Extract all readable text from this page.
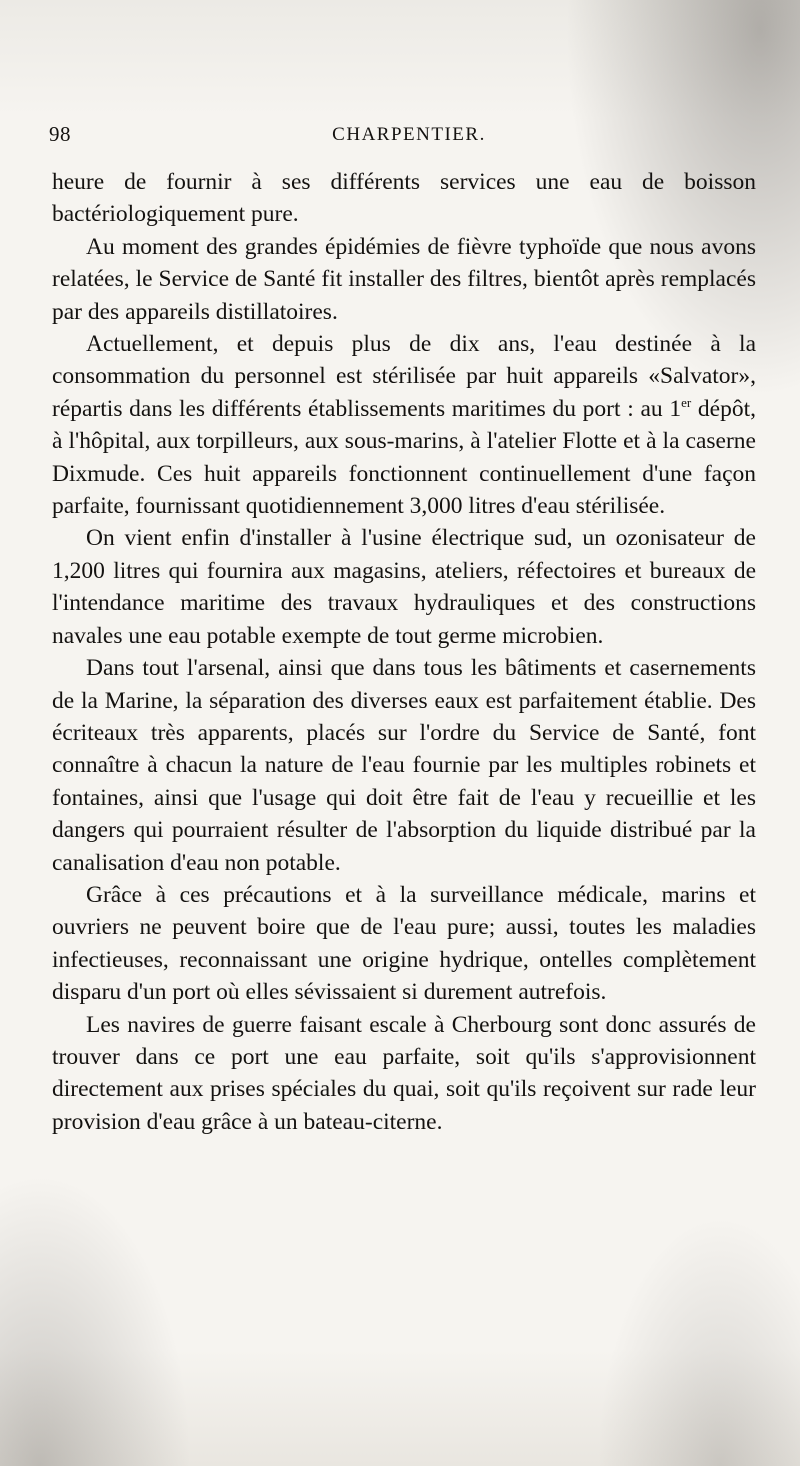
98	CHARPENTIER.

heure de fournir à ses différents services une eau de boisson bactériologiquement pure.

Au moment des grandes épidémies de fièvre typhoïde que nous avons relatées, le Service de Santé fit installer des filtres, bientôt après remplacés par des appareils distillatoires.

Actuellement, et depuis plus de dix ans, l'eau destinée à la consommation du personnel est stérilisée par huit appareils «Salvator», répartis dans les différents établissements maritimes du port : au 1er dépôt, à l'hôpital, aux torpilleurs, aux sous-marins, à l'atelier Flotte et à la caserne Dixmude. Ces huit appareils fonctionnent continuellement d'une façon parfaite, fournissant quotidiennement 3,000 litres d'eau stérilisée.

On vient enfin d'installer à l'usine électrique sud, un ozonisateur de 1,200 litres qui fournira aux magasins, ateliers, réfectoires et bureaux de l'intendance maritime des travaux hydrauliques et des constructions navales une eau potable exempte de tout germe microbien.

Dans tout l'arsenal, ainsi que dans tous les bâtiments et casernements de la Marine, la séparation des diverses eaux est parfaitement établie. Des écriteaux très apparents, placés sur l'ordre du Service de Santé, font connaître à chacun la nature de l'eau fournie par les multiples robinets et fontaines, ainsi que l'usage qui doit être fait de l'eau y recueillie et les dangers qui pourraient résulter de l'absorption du liquide distribué par la canalisation d'eau non potable.

Grâce à ces précautions et à la surveillance médicale, marins et ouvriers ne peuvent boire que de l'eau pure; aussi, toutes les maladies infectieuses, reconnaissant une origine hydrique, ontelles complètement disparu d'un port où elles sévissaient si durement autrefois.

Les navires de guerre faisant escale à Cherbourg sont donc assurés de trouver dans ce port une eau parfaite, soit qu'ils s'approvisionnent directement aux prises spéciales du quai, soit qu'ils reçoivent sur rade leur provision d'eau grâce à un bateau-citerne.
